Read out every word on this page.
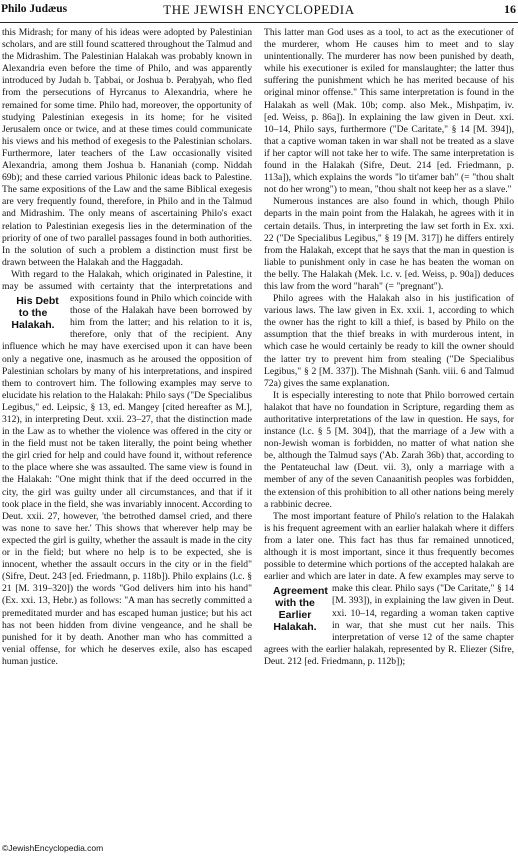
Philo Judæus	THE JEWISH ENCYCLOPEDIA	16

this Midrash; for many of his ideas were adopted by Palestinian scholars, and are still found scattered throughout the Talmud and the Midrashim. The Palestinian Halakah was probably known in Alexandria even before the time of Philo, and was apparently introduced by Judah b. Ṭabbai, or Joshua b. Peraḥyah, who fled from the persecutions of Hyrcanus to Alexandria, where he remained for some time. Philo had, moreover, the opportunity of studying Palestinian exegesis in its home; for he visited Jerusalem once or twice, and at these times could communicate his views and his method of exegesis to the Palestinian scholars. Furthermore, later teachers of the Law occasionally visited Alexandria, among them Joshua b. Hananiah (comp. Niddah 69b); and these carried various Philonic ideas back to Palestine. The same expositions of the Law and the same Biblical exegesis are very frequently found, therefore, in Philo and in the Talmud and Midrashim. The only means of ascertaining Philo's exact relation to Palestinian exegesis lies in the determination of the priority of one of two parallel passages found in both authorities. In the solution of such a problem a distinction must first be drawn between the Halakah and the Haggadah.

With regard to the Halakah, which originated in Palestine, it may be assumed with certainty that the interpretations and expositions found in Philo which
His Debt to the Halakah.
coincide with those of the Halakah have been borrowed by him from the latter; and his relation to it is, therefore, only that of the recipient. Any influence which he may have exercised upon it can have been only a negative one, inasmuch as he aroused the opposition of Palestinian scholars by many of his interpretations, and inspired them to controvert him. The following examples may serve to elucidate his relation to the Halakah: Philo says ("De Specialibus Legibus," ed. Leipsic, § 13, ed. Mangey [cited hereafter as M.], 312), in interpreting Deut. xxii. 23–27, that the distinction made in the Law as to whether the violence was offered in the city or in the field must not be taken literally, the point being whether the girl cried for help and could have found it, without reference to the place where she was assaulted. The same view is found in the Halakah: "One might think that if the deed occurred in the city, the girl was guilty under all circumstances, and that if it took place in the field, she was invariably innocent. According to Deut. xxii. 27, however, 'the betrothed damsel cried, and there was none to save her.' This shows that wherever help may be expected the girl is guilty, whether the assault is made in the city or in the field; but where no help is to be expected, she is innocent, whether the assault occurs in the city or in the field" (Sifre, Deut. 243 [ed. Friedmann, p. 118b]). Philo explains (l.c. § 21 [M. 319–320]) the words "God delivers him into his hand" (Ex. xxi. 13, Hebr.) as follows: "A man has secretly committed a premeditated murder and has escaped human justice; but his act has not been hidden from divine vengeance, and he shall be punished for it by death. Another man who has committed a venial offense, for which he deserves exile, also has escaped human justice.

This latter man God uses as a tool, to act as the executioner of the murderer, whom He causes him to meet and to slay unintentionally. The murderer has now been punished by death, while his executioner is exiled for manslaughter; the latter thus suffering the punishment which he has merited because of his original minor offense." This same interpretation is found in the Halakah as well (Mak. 10b; comp. also Mek., Mishpaṭim, iv. [ed. Weiss, p. 86a]). In explaining the law given in Deut. xxi. 10–14, Philo says, furthermore ("De Caritate," § 14 [M. 394]), that a captive woman taken in war shall not be treated as a slave if her captor will not take her to wife. The same interpretation is found in the Halakah (Sifre, Deut. 214 [ed. Friedmann, p. 113a]), which explains the words "lo tit'amer bah" (= "thou shalt not do her wrong") to mean, "thou shalt not keep her as a slave."

Numerous instances are also found in which, though Philo departs in the main point from the Halakah, he agrees with it in certain details. Thus, in interpreting the law set forth in Ex. xxi. 22 ("De Specialibus Legibus," § 19 [M. 317]) he differs entirely from the Halakah, except that he says that the man in question is liable to punishment only in case he has beaten the woman on the belly. The Halakah (Mek. l.c. v. [ed. Weiss, p. 90a]) deduces this law from the word "harah" (= "pregnant").

Philo agrees with the Halakah also in his justification of various laws. The law given in Ex. xxii. 1, according to which the owner has the right to kill a thief, is based by Philo on the assumption that the thief breaks in with murderous intent, in which case he would certainly be ready to kill the owner should the latter try to prevent him from stealing ("De Specialibus Legibus," § 2 [M. 337]). The Mishnah (Sanh. viii. 6 and Talmud 72a) gives the same explanation.

It is especially interesting to note that Philo borrowed certain halakot that have no foundation in Scripture, regarding them as authoritative interpretations of the law in question. He says, for instance (l.c. § 5 [M. 304]), that the marriage of a Jew with a non-Jewish woman is forbidden, no matter of what nation she be, although the Talmud says ('Ab. Zarah 36b) that, according to the Pentateuchal law (Deut. vii. 3), only a marriage with a member of any of the seven Canaanitish peoples was forbidden, the extension of this prohibition to all other nations being merely a rabbinic decree.

The most important feature of Philo's relation to the Halakah is his frequent agreement with an earlier halakah where it differs from a later one. This fact has thus far remained unnoticed, although it is most important, since it thus frequently becomes possible to determine which portions of the accepted halakah are earlier and which are later in date. A few examples may serve to make this
Agreement with the Earlier Halakah.
clear. Philo says ("De Caritate," § 14 [M. 393]), in explaining the law given in Deut. xxi. 10–14, regarding a woman taken captive in war, that she must cut her nails. This interpretation of verse 12 of the same chapter agrees with the earlier halakah, represented by R. Eliezer (Sifre, Deut. 212 [ed. Friedmann, p. 112b]);

©JewishEncyclopedia.com
